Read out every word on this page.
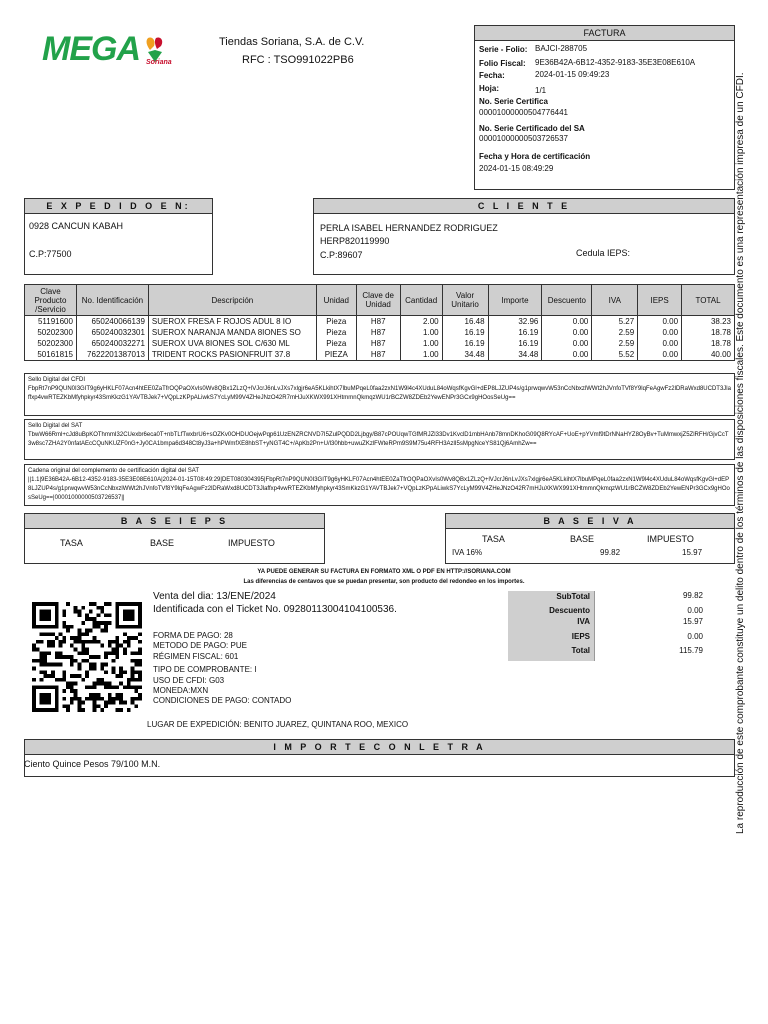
MEGA Soriana
Tiendas Soriana, S.A. de C.V.
RFC : TSO991022PB6
FACTURA
Serie - Folio: BAJCI-288705
Folio Fiscal: 9E36B42A-6B12-4352-9183-35E3E08E610A
Fecha:	2024-01-15 09:49:23
Hoja:	1/1
No. Serie Certifica
00001000000504776441
No. Serie Certificado del SA
00001000000503726537
Fecha y Hora de certificación
2024-01-15 08:49:29
E X P E D I D O E N:
0928 CANCUN KABAH
C.P:77500
C L I E N T E
PERLA ISABEL HERNANDEZ RODRIGUEZ
HERP820119990
C.P:89607	Cedula IEPS:
Clave Producto /Servicio	No. Identificación	Descripción	Unidad	Clave de Unidad	Cantidad	Valor Unitario	Importe	Descuento	IVA	IEPS	TOTAL
51191600	650240066139	SUEROX FRESA F ROJOS ADUL 8 IO	Pieza	H87	2.00	16.48	32.96	0.00	5.27	0.00	38.23
50202300	650240032301	SUEROX NARANJA MANDA 8IONES SO	Pieza	H87	1.00	16.19	16.19	0.00	2.59	0.00	18.78
50202300	650240032271	SUEROX UVA 8IONES SOL C/630 ML	Pieza	H87	1.00	16.19	16.19	0.00	2.59	0.00	18.78
50161815	7622201387013	TRIDENT ROCKS PASIONFRUIT 37.8	PIEZA	H87	1.00	34.48	34.48	0.00	5.52	0.00	40.00
Sello Digital del CFDI
FbpRt7nP9QUN0I3GIT9g6yHKLF07Acn4htEE0ZaTfrOQPaOXvIs0Wv8QBx1ZLzQ+lVJcrJ6nLvJXs7xlgjr6eA5KLkihtX7lbuMPqeL0faa2zxN1W9l4c4XUduL84oWqsfKgvGl+dEP8LJZUP4s/g1prwqwvW53nCcNbxzlWWt2hJVnfoTVf8Y9lqFeAgwFz2lDRaWxd8UCDT3Jlaffxp4vwRTEZKbMfyhpkyr43SmKkzG1YAVTBJek7+VQpLzKPpALiwkS7YcLyM99V4ZHeJNzO42R7mHJuXKWX991XHtmmnQkmqzWU1rBCZW8ZDEb2YewENPr3GCx9gHOosSeUg==
Sello Digital del SAT
TbwW66Rml+cJd8uBpKOThmmI32CUexbr6eca0T+nbTLfTwxbrU6+sOZKv0OHDUOejwPqp61UzENZRCNVD7I5ZulPQDD2Ljbgy/B87cPOUqwTGfMRJZl33Dv1KvclD1mbHAnb78mnDKhoG09Q8RYcAF+UoE+pYVmf9tDrNNaHYZ8OyBv+TuMmwxjZ5ZlRFH/GjvCcT3w8sc7ZHA2Y0nfatAEcCQuNKUZF0nG+Jy0CA1bmpa6d348Ct8yJ3a+hPWmfXE8hbST+yNGT4C+/ApKb2Pn+U/l30hbb+uwuZKzlFWteRPm9S9M75u4RFH3AzlI5sMpgNceYS81Qj6AmhZw==
Cadena original del complemento de certificación digital del SAT
||1.1|9E36B42A-6B12-4352-9183-35E3E08E610A|2024-01-15T08:49:29|DET080304395|FbpRt7nP9QUN0I3GIT9g6yHKLF07Acn4htEE0ZaTfrOQPaOXvIs0Wv8QBx1ZLzQ+lVJcrJ6nLvJXs7xlgjr6eA5KLkihtX7lbuMPqeL0faa2zxN1W9l4c4XUduL84oWqsfKgvGl+dEP8LJZUP4s/g1prwqwvW53nCcNbxzlWWt2hJVnfoTVf8Y9lqFeAgwFz2lDRaWxd8UCDT3Jlaffxp4vwRTEZKbMfyhpkyr43SmKkzG1YAVTBJek7+VQpLzKPpALiwkS7YcLyM99V4ZHeJNzO42R7mHJuXKWX991XHtmmnQkmqzWU1rBCZW8ZDEb2YewENPr3GCx9gHOosSeUg==|00001000000503726537||
B A S E I E P S
TASA	BASE	IMPUESTO
B A S E I V A
TASA	BASE	IMPUESTO
IVA 16%	99.82	15.97
YA PUEDE GENERAR SU FACTURA EN FORMATO XML O PDF EN HTTP://SORIANA.COM
Las diferencias de centavos que se puedan presentar, son producto del redondeo en los importes.
Venta del dia: 13/ENE/2024
Identificada con el Ticket No. 09280113004104100536.
FORMA DE PAGO: 28
METODO DE PAGO: PUE
RÉGIMEN FISCAL: 601
TIPO DE COMPROBANTE: I
USO DE CFDI: G03
MONEDA:MXN
CONDICIONES DE PAGO: CONTADO
LUGAR DE EXPEDICIÓN: BENITO JUAREZ, QUINTANA ROO, MEXICO
SubTotal	99.82
Descuento	0.00
IVA	15.97
IEPS	0.00
Total	115.79
I M P O R T E C O N L E T R A
Ciento Quince Pesos 79/100 M.N.	La reproducción de este comprobante constituye un delito dentro de los términos de las disposiciones fiscales. Este documento es una representación impresa de un CFDI.
